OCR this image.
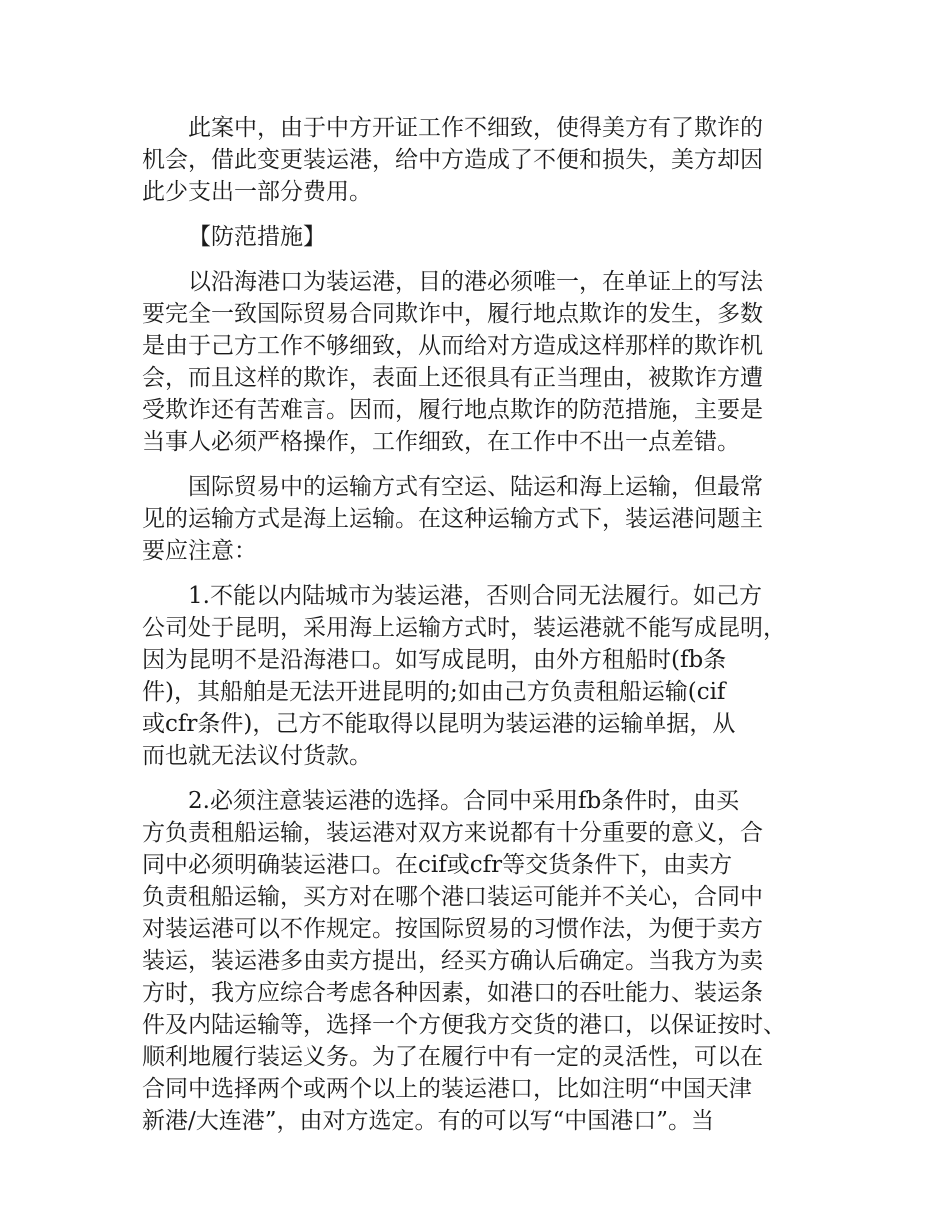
此案中，由于中方开证工作不细致，使得美方有了欺诈的
机会，借此变更装运港，给中方造成了不便和损失，美方却因
此少支出一部分费用。
【防范措施】
以沿海港口为装运港，目的港必须唯一，在单证上的写法
要完全一致国际贸易合同欺诈中，履行地点欺诈的发生，多数
是由于己方工作不够细致，从而给对方造成这样那样的欺诈机
会，而且这样的欺诈，表面上还很具有正当理由，被欺诈方遭
受欺诈还有苦难言。因而，履行地点欺诈的防范措施，主要是
当事人必须严格操作，工作细致，在工作中不出一点差错。
国际贸易中的运输方式有空运、陆运和海上运输，但最常
见的运输方式是海上运输。在这种运输方式下，装运港问题主
要应注意：
1.不能以内陆城市为装运港，否则合同无法履行。如己方
公司处于昆明，采用海上运输方式时，装运港就不能写成昆明，
因为昆明不是沿海港口。如写成昆明，由外方租船时(fb条
件)，其船舶是无法开进昆明的;如由己方负责租船运输(cif
或cfr条件)，己方不能取得以昆明为装运港的运输单据，从
而也就无法议付货款。
2.必须注意装运港的选择。合同中采用fb条件时，由买
方负责租船运输，装运港对双方来说都有十分重要的意义，合
同中必须明确装运港口。在cif或cfr等交货条件下，由卖方
负责租船运输，买方对在哪个港口装运可能并不关心，合同中
对装运港可以不作规定。按国际贸易的习惯作法，为便于卖方
装运，装运港多由卖方提出，经买方确认后确定。当我方为卖
方时，我方应综合考虑各种因素，如港口的吞吐能力、装运条
件及内陆运输等，选择一个方便我方交货的港口，以保证按时、
顺利地履行装运义务。为了在履行中有一定的灵活性，可以在
合同中选择两个或两个以上的装运港口，比如注明“中国天津
新港/大连港”，由对方选定。有的可以写“中国港口”。当
